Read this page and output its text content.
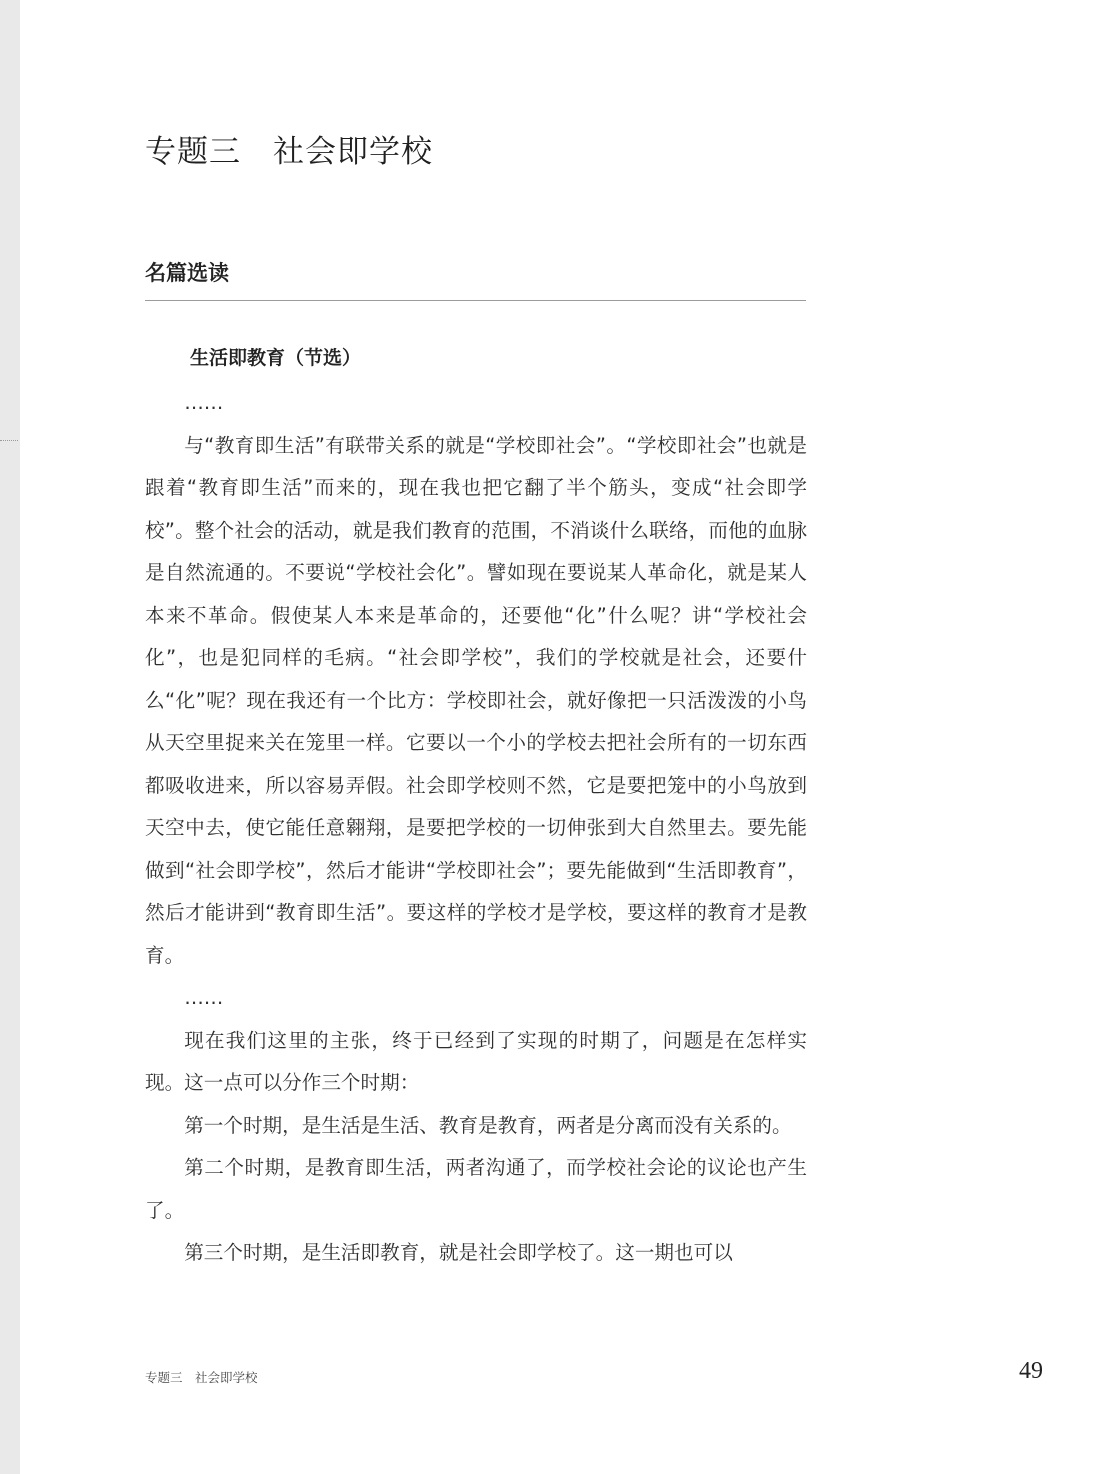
专题三　社会即学校
名篇选读
生活即教育（节选）

……

与“教育即生活”有联带关系的就是“学校即社会”。“学校即社会”也就是跟着“教育即生活”而来的，现在我也把它翻了半个筋头，变成“社会即学校”。整个社会的活动，就是我们教育的范围，不消谈什么联络，而他的血脉是自然流通的。不要说“学校社会化”。譬如现在要说某人革命化，就是某人本来不革命。假使某人本来是革命的，还要他“化”什么呢？讲“学校社会化”，也是犯同样的毛病。“社会即学校”，我们的学校就是社会，还要什么“化”呢？现在我还有一个比方：学校即社会，就好像把一只活泼泼的小鸟从天空里捉来关在笼里一样。它要以一个小的学校去把社会所有的一切东西都吸收进来，所以容易弄假。社会即学校则不然，它是要把笼中的小鸟放到天空中去，使它能任意翱翔，是要把学校的一切伸张到大自然里去。要先能做到“社会即学校”，然后才能讲“学校即社会”；要先能做到“生活即教育”，然后才能讲到“教育即生活”。要这样的学校才是学校，要这样的教育才是教育。

……

现在我们这里的主张，终于已经到了实现的时期了，问题是在怎样实现。这一点可以分作三个时期：

第一个时期，是生活是生活、教育是教育，两者是分离而没有关系的。

第二个时期，是教育即生活，两者沟通了，而学校社会论的议论也产生了。

第三个时期，是生活即教育，就是社会即学校了。这一期也可以

专题三　社会即学校	49
